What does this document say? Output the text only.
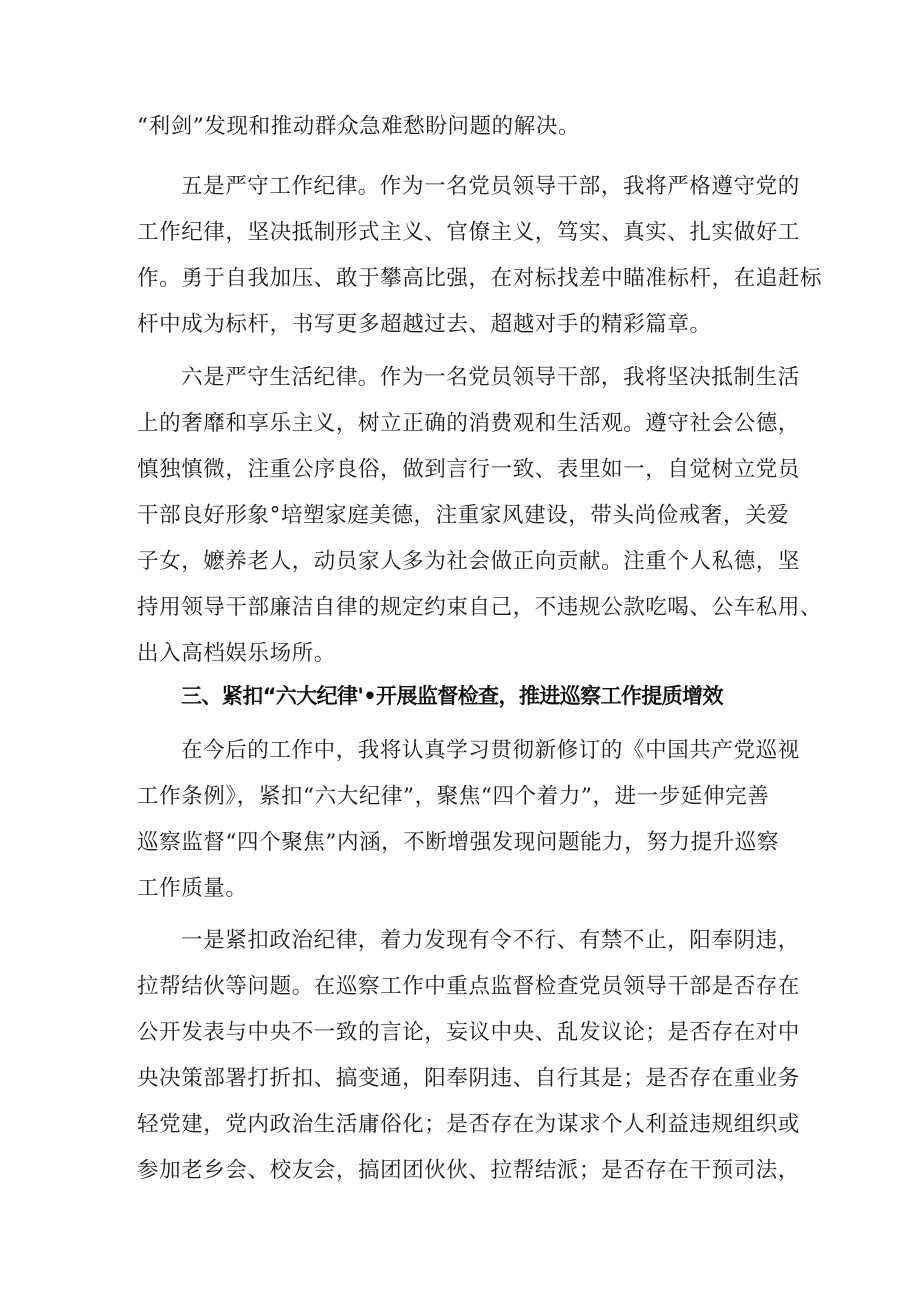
“利剑”发现和推动群众急难愁盼问题的解决。
五是严守工作纪律。作为一名党员领导干部，我将严格遵守党的
工作纪律，坚决抵制形式主义、官僚主义，笃实、真实、扎实做好工
作。勇于自我加压、敢于攀高比强，在对标找差中瞄准标杆，在追赶标
杆中成为标杆，书写更多超越过去、超越对手的精彩篇章。
六是严守生活纪律。作为一名党员领导干部，我将坚决抵制生活
上的奢靡和享乐主义，树立正确的消费观和生活观。遵守社会公德，
慎独慎微，注重公序良俗，做到言行一致、表里如一，自觉树立党员
干部良好形象°培塑家庭美德，注重家风建设，带头尚俭戒奢，关爱
子女，嬷养老人，动员家人多为社会做正向贡献。注重个人私德，坚
持用领导干部廉洁自律的规定约束自己，不违规公款吃喝、公车私用、
出入高档娱乐场所。
三、紧扣“六大纪律'•开展监督检查，推进巡察工作提质增效
在今后的工作中，我将认真学习贯彻新修订的《中国共产党巡视
工作条例》，紧扣“六大纪律”，聚焦“四个着力”，进一步延伸完善
巡察监督“四个聚焦”内涵，不断增强发现问题能力，努力提升巡察
工作质量。
一是紧扣政治纪律，着力发现有令不行、有禁不止，阳奉阴违，
拉帮结伙等问题。在巡察工作中重点监督检查党员领导干部是否存在
公开发表与中央不一致的言论，妄议中央、乱发议论；是否存在对中
央决策部署打折扣、搞变通，阳奉阴违、自行其是；是否存在重业务
轻党建，党内政治生活庸俗化；是否存在为谋求个人利益违规组织或
参加老乡会、校友会，搞团团伙伙、拉帮结派；是否存在干预司法，
